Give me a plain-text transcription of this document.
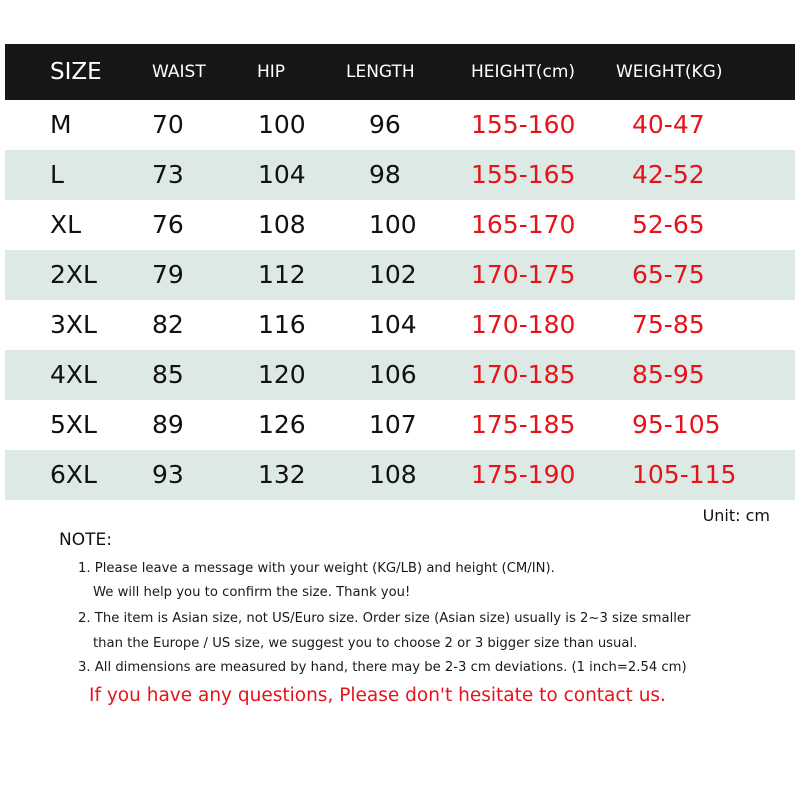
SIZE	WAIST	HIP	LENGTH	HEIGHT(cm) WEIGHT(KG)
M	70	100	96	155-160 40-47
L	73	104	98	155-165 42-52
XL	76	108	100 165-170 52-65
2XL 79	112	102 170-175 65-75
3XL 82	116	104 170-180 75-85
4XL 85	120	106 170-185 85-95
5XL 89	126	107 175-185 95-105
6XL 93	132	108 175-190 105-115
Unit: cm
NOTE:
1. Please leave a message with your weight (KG/LB) and height (CM/IN).
We will help you to confirm the size. Thank you!
2. The item is Asian size, not US/Euro size. Order size (Asian size) usually is 2~3 size smaller
than the Europe / US size, we suggest you to choose 2 or 3 bigger size than usual.
3. All dimensions are measured by hand, there may be 2-3 cm deviations. (1 inch=2.54 cm)
If you have any questions, Please don't hesitate to contact us.
